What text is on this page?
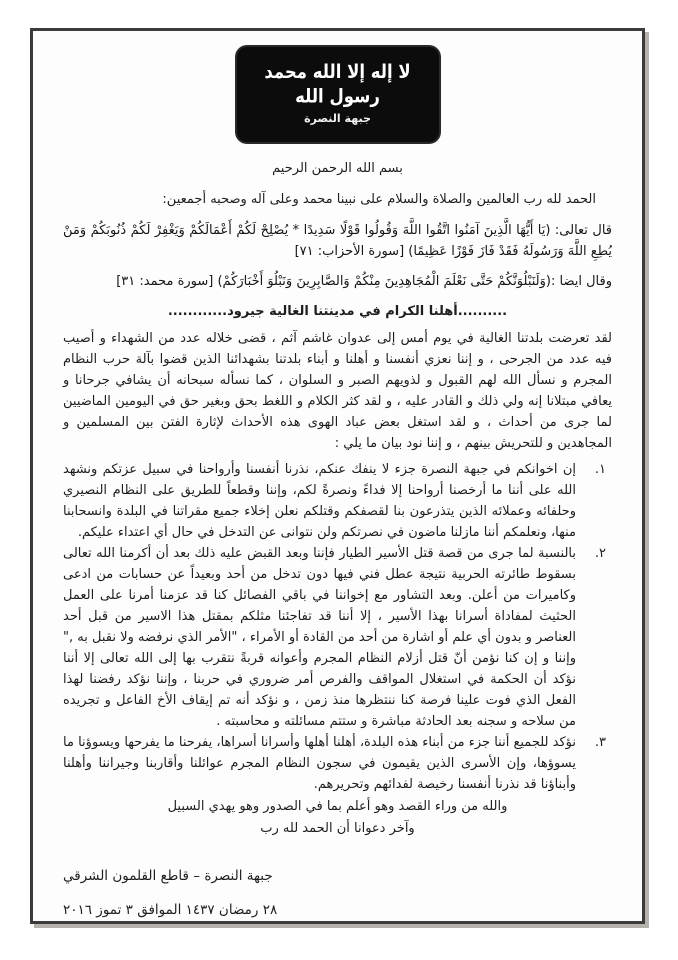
لا إله إلا الله محمد رسول الله
جبهة النصرة

بسم الله الرحمن الرحيم

الحمد لله رب العالمين والصلاة والسلام على نبينا محمد وعلى آله وصحبه أجمعين:

قال تعالى: (يَا أَيُّهَا الَّذِينَ آمَنُوا اتَّقُوا اللَّهَ وَقُولُوا قَوْلًا سَدِيدًا * يُصْلِحْ لَكُمْ أَعْمَالَكُمْ وَيَغْفِرْ لَكُمْ ذُنُوبَكُمْ وَمَنْ يُطِعِ اللَّهَ وَرَسُولَهُ فَقَدْ فَازَ فَوْزًا عَظِيمًا) [سورة الأحزاب: ٧١]

وقال ايضا :(وَلَنَبْلُوَنَّكُمْ حَتَّى نَعْلَمَ الْمُجَاهِدِينَ مِنْكُمْ وَالصَّابِرِينَ وَنَبْلُوَ أَخْبَارَكُمْ) [سورة محمد: ٣١]

..........أهلنا الكرام في مدينتنا الغالية جيرود............

لقد تعرضت بلدتنا الغالية في يوم أمس إلى عدوان غاشم آثم ، قضى خلاله عدد من الشهداء و أصيب فيه عدد من الجرحى ، و إننا نعزي أنفسنا و أهلنا و أبناء بلدتنا بشهدائنا الذين قضوا بآلة حرب النظام المجرم و نسأل الله لهم القبول و لذويهم الصبر و السلوان ، كما نسأله سبحانه أن يشافي جرحانا و يعافي مبتلانا إنه ولي ذلك و القادر عليه ، و لقد كثر الكلام و اللغط بحق وبغير حق في اليومين الماضيين لما جرى من أحداث ، و لقد استغل بعض عباد الهوى هذه الأحداث لإثارة الفتن بين المسلمين و المجاهدين و للتحريش بينهم ، و إننا نود بيان ما يلي :

١.
إن اخوانكم في جبهة النصرة جزء لا ينفك عنكم، نذرنا أنفسنا وأرواحنا في سبيل عزتكم ونشهد الله على أننا ما أرخصنا أرواحنا إلا فداءً ونصرةً لكم، وإننا وقطعاً للطريق على النظام النصيري وحلفائه وعملائه الذين يتذرعون بنا لقصفكم وقتلكم نعلن إخلاء جميع مقراتنا في البلدة وانسحابنا منها، ونعلمكم أننا مازلنا ماضون في نصرتكم ولن نتوانى عن التدخل في حال أي اعتداء عليكم.
٢.
بالنسبة لما جرى من قصة قتل الأسير الطيار فإننا وبعد القبض عليه ذلك بعد أن أكرمنا الله تعالى بسقوط طائرته الحربية نتيجة عطل فني فيها دون تدخل من أحد وبعيداً عن حسابات من ادعى وكاميرات من أعلن. وبعد التشاور مع إخواننا في باقي الفصائل كنا قد عزمنا أمرنا على العمل الحثيث لمفاداة أسرانا بهذا الأسير ، إلا أننا قد تفاجئنا مثلكم بمقتل هذا الاسير من قبل أحد العناصر و بدون أي علم أو اشارة من أحد من القادة أو الأمراء ، "الأمر الذي نرفضه ولا نقبل به ," وإننا و إن كنا نؤمن أنّ قتل أزلام النظام المجرم وأعوانه قربةً نتقرب بها إلى الله تعالى إلا أننا نؤكد أن الحكمة في استغلال المواقف والفرص أمر ضروري في حربنا ، وإننا نؤكد رفضنا لهذا الفعل الذي فوت علينا فرصة كنا ننتظرها منذ زمن ، و نؤكد أنه تم إيقاف الأخ الفاعل و تجريده من سلاحه و سجنه بعد الحادثة مباشرة و ستتم مسائلته و محاسبته .
٣.
نؤكد للجميع أننا جزء من أبناء هذه البلدة، أهلنا أهلها وأسرانا أسراها، يفرحنا ما يفرحها ويسوؤنا ما يسوؤها، وإن الأسرى الذين يقيمون في سجون النظام المجرم عوائلنا وأقاربنا وجيراننا وأهلنا وأبناؤنا قد نذرنا أنفسنا رخيصة لفدائهم وتحريرهم.

والله من وراء القصد وهو أعلم بما في الصدور وهو يهدي السبيل

وآخر دعوانا أن الحمد لله رب

جبهة النصرة – قاطع القلمون الشرقي

٢٨ رمضان ١٤٣٧ الموافق ٣ تموز ٢٠١٦
